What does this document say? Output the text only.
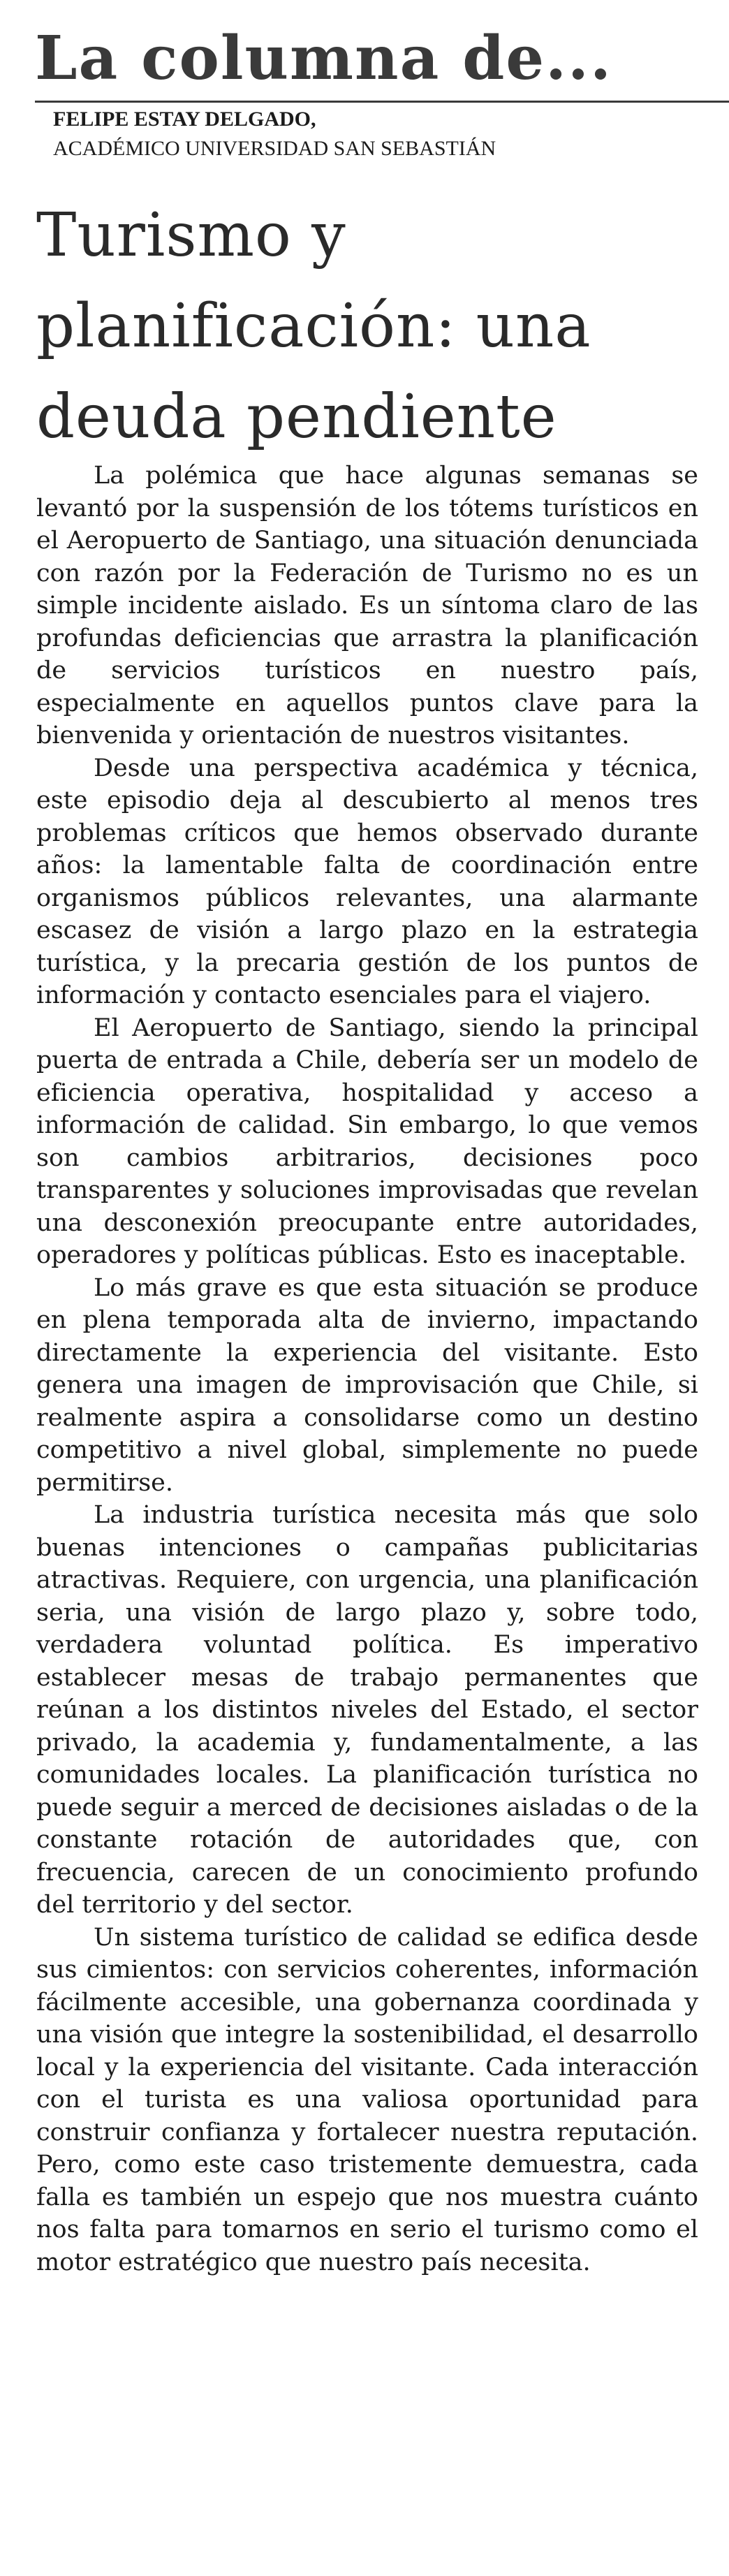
La columna de...
FELIPE ESTAY DELGADO,
ACADÉMICO UNIVERSIDAD SAN SEBASTIÁN
Turismo y
planificación: una
deuda pendiente

La polémica que hace algunas semanas se levantó por la suspensión de los tótems turísticos en el Aeropuerto de Santiago, una situación denunciada con razón por la Federación de Turismo no es un simple incidente aislado. Es un síntoma claro de las profundas deficiencias que arrastra la planificación de servicios turísticos en nuestro país, especialmente en aquellos puntos clave para la bienvenida y orientación de nuestros visitantes.

Desde una perspectiva académica y técnica, este episodio deja al descubierto al menos tres problemas críticos que hemos observado durante años: la lamentable falta de coordinación entre organismos públicos relevantes, una alarmante escasez de visión a largo plazo en la estrategia turística, y la precaria gestión de los puntos de información y contacto esenciales para el viajero.

El Aeropuerto de Santiago, siendo la principal puerta de entrada a Chile, debería ser un modelo de eficiencia operativa, hospitalidad y acceso a información de calidad. Sin embargo, lo que vemos son cambios arbitrarios, decisiones poco transparentes y soluciones improvisadas que revelan una desconexión preocupante entre autoridades, operadores y políticas públicas. Esto es inaceptable.

Lo más grave es que esta situación se produce en plena temporada alta de invierno, impactando directamente la experiencia del visitante. Esto genera una imagen de improvisación que Chile, si realmente aspira a consolidarse como un destino competitivo a nivel global, simplemente no puede permitirse.

La industria turística necesita más que solo buenas intenciones o campañas publicitarias atractivas. Requiere, con urgencia, una planificación seria, una visión de largo plazo y, sobre todo, verdadera voluntad política. Es imperativo establecer mesas de trabajo permanentes que reúnan a los distintos niveles del Estado, el sector privado, la academia y, fundamentalmente, a las comunidades locales. La planificación turística no puede seguir a merced de decisiones aisladas o de la constante rotación de autoridades que, con frecuencia, carecen de un conocimiento profundo del territorio y del sector.

Un sistema turístico de calidad se edifica desde sus cimientos: con servicios coherentes, información fácilmente accesible, una gobernanza coordinada y una visión que integre la sostenibilidad, el desarrollo local y la experiencia del visitante. Cada interacción con el turista es una valiosa oportunidad para construir confianza y fortalecer nuestra reputación. Pero, como este caso tristemente demuestra, cada falla es también un espejo que nos muestra cuánto nos falta para tomarnos en serio el turismo como el motor estratégico que nuestro país necesita.
